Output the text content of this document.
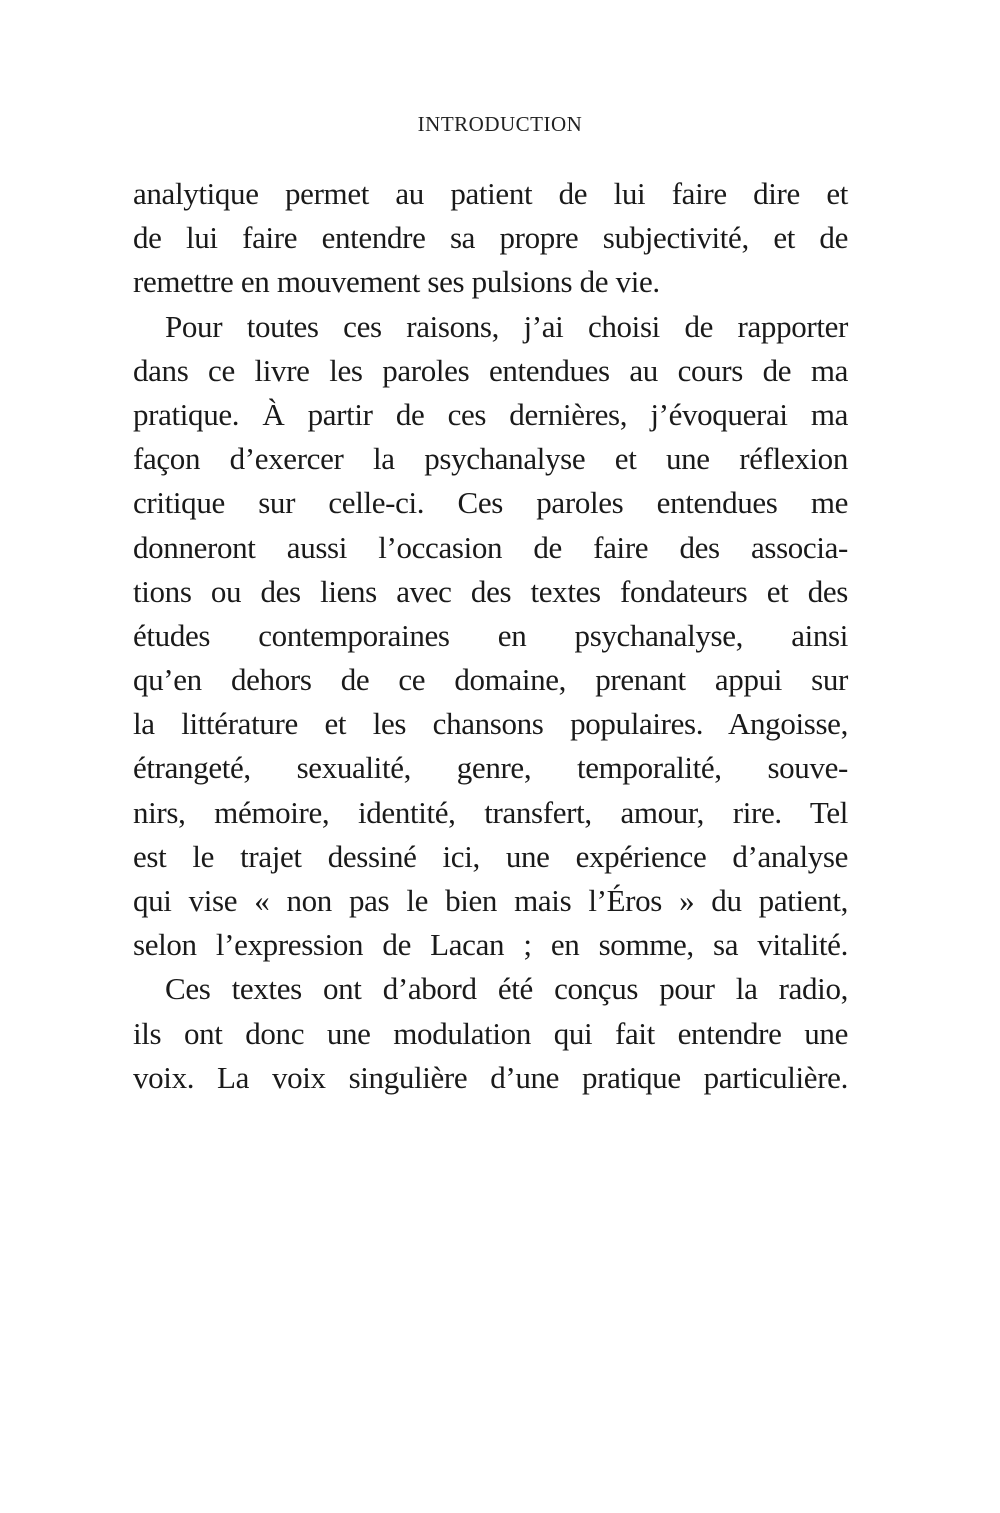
INTRODUCTION
analytique permet au patient de lui faire dire et
de lui faire entendre sa propre subjectivité, et de
remettre en mouvement ses pulsions de vie.
Pour toutes ces raisons, j’ai choisi de rapporter
dans ce livre les paroles entendues au cours de ma
pratique. À partir de ces dernières, j’évoquerai ma
façon d’exercer la psychanalyse et une réflexion
critique sur celle-ci. Ces paroles entendues me
donneront aussi l’occasion de faire des associa-
tions ou des liens avec des textes fondateurs et des
études contemporaines en psychanalyse, ainsi
qu’en dehors de ce domaine, prenant appui sur
la littérature et les chansons populaires. Angoisse,
étrangeté, sexualité, genre, temporalité, souve-
nirs, mémoire, identité, transfert, amour, rire. Tel
est le trajet dessiné ici, une expérience d’analyse
qui vise « non pas le bien mais l’Éros » du patient,
selon l’expression de Lacan ; en somme, sa vitalité.
Ces textes ont d’abord été conçus pour la radio,
ils ont donc une modulation qui fait entendre une
voix. La voix singulière d’une pratique particulière.
